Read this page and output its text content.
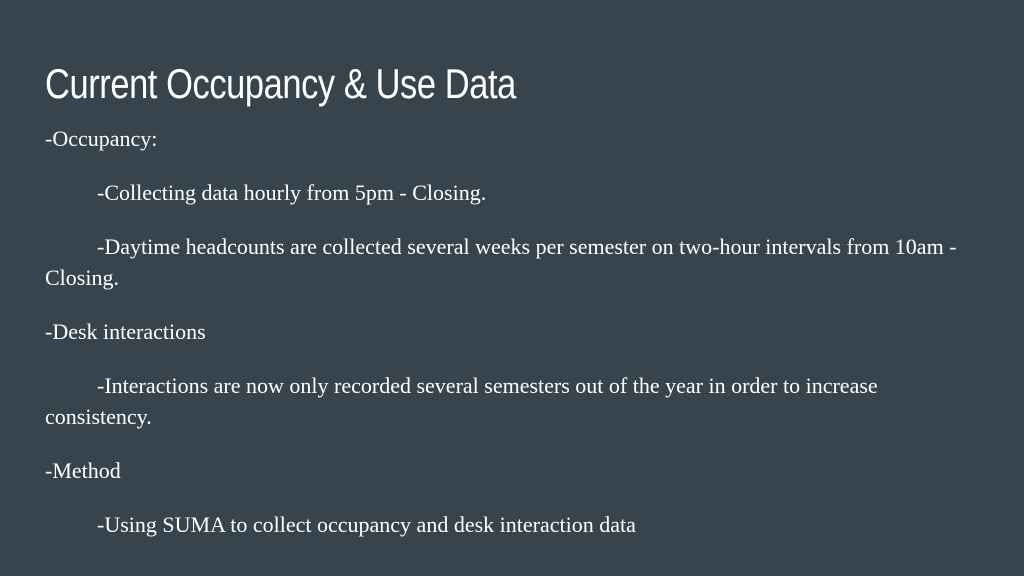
Current Occupancy & Use Data

-Occupancy:

-Collecting data hourly from 5pm - Closing.

-Daytime headcounts are collected several weeks per semester on two-hour intervals from 10am - Closing.

-Desk interactions

-Interactions are now only recorded several semesters out of the year in order to increase consistency.

-Method

-Using SUMA to collect occupancy and desk interaction data
